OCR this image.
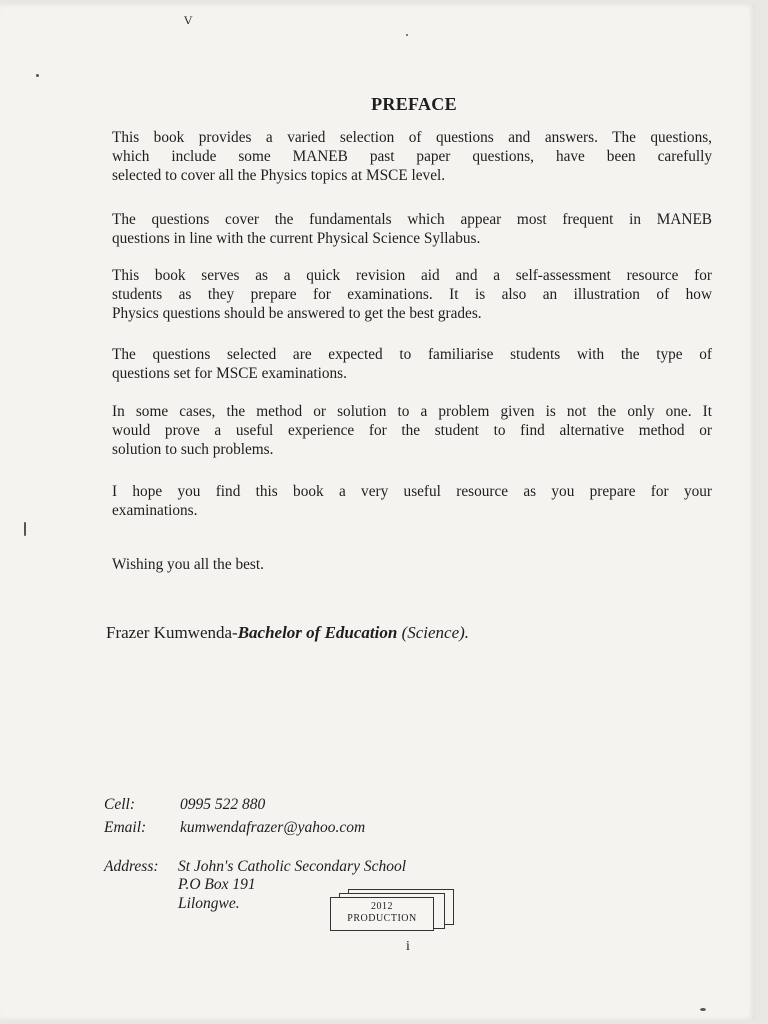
ⱽ
PREFACE
This book provides a varied selection of questions and answers. The questions,
which include some MANEB past paper questions, have been carefully
selected to cover all the Physics topics at MSCE level.
The questions cover the fundamentals which appear most frequent in MANEB
questions in line with the current Physical Science Syllabus.
This book serves as a quick revision aid and a self-assessment resource for
students as they prepare for examinations. It is also an illustration of how
Physics questions should be answered to get the best grades.
The questions selected are expected to familiarise students with the type of
questions set for MSCE examinations.
In some cases, the method or solution to a problem given is not the only one. It
would prove a useful experience for the student to find alternative method or
solution to such problems.
I hope you find this book a very useful resource as you prepare for your
examinations.
Wishing you all the best.
Frazer Kumwenda-Bachelor of Education (Science).
Cell:	0995 522 880
Email: kumwendafrazer@yahoo.com
Address: St John's Catholic Secondary School
P.O Box 191
Lilongwe.	2012
PRODUCTION
i
